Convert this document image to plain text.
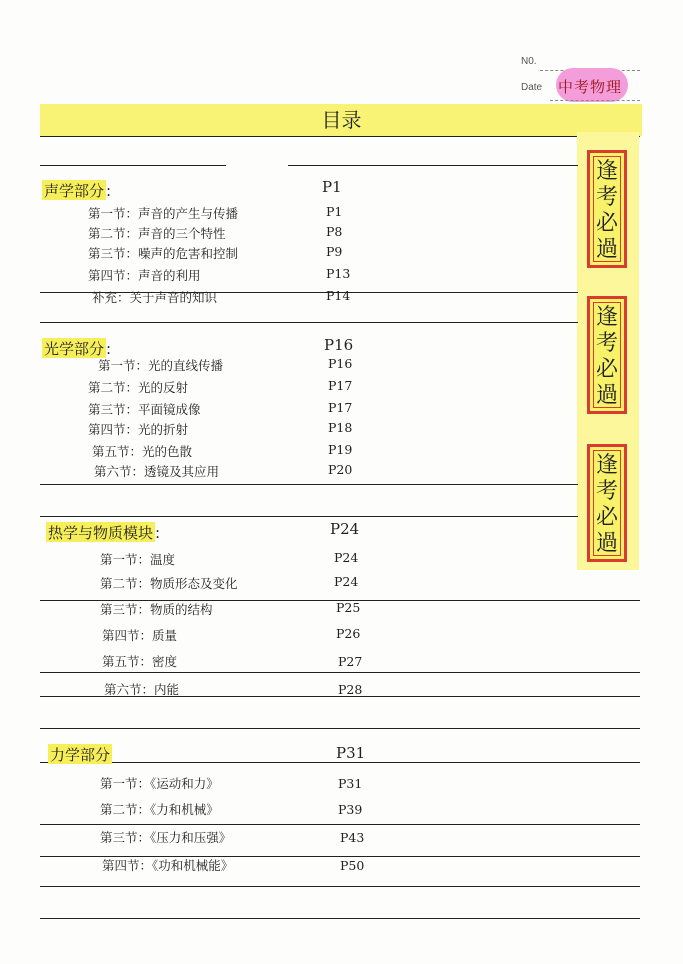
N0.
Date 中考物理
目录
逢
考
必
過
逢
考
必
過
逢
考
必
過
声学部分 :	P1
第一节：声音的产生与传播	P1
第二节：声音的三个特性	P8
第三节：噪声的危害和控制	P9
第四节：声音的利用	P13
补充：关于声音的知识	P14
光学部分 :	P16
第一节：光的直线传播	P16
第二节：光的反射	P17
第三节：平面镜成像	P17
第四节：光的折射	P18
第五节：光的色散	P19
第六节：透镜及其应用	P20
热学与物质模块 :	P24
第一节：温度	P24
第二节：物质形态及变化	P24
第三节：物质的结构	P25
第四节：质量	P26
第五节：密度	P27
第六节：内能	P28
力学部分	P31
第一节：《运动和力》	P31
第二节：《力和机械》	P39
第三节：《压力和压强》	P43
第四节：《功和机械能》	P50
